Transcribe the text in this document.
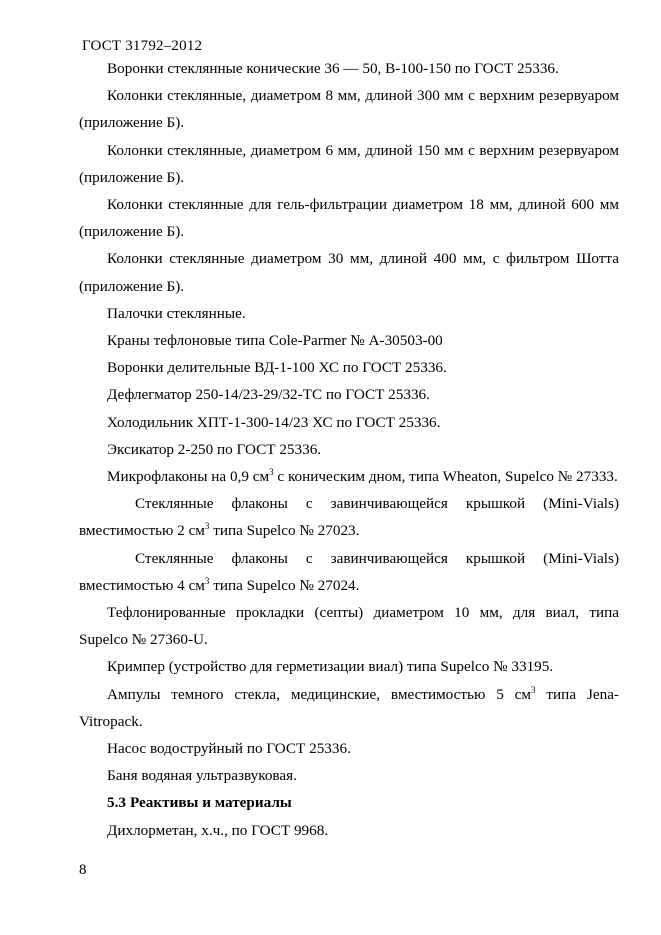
ГОСТ 31792–2012

Воронки стеклянные конические 36 — 50, В-100-150 по ГОСТ 25336.

Колонки стеклянные, диаметром 8 мм, длиной 300 мм с верхним резервуаром (приложение Б).

Колонки стеклянные, диаметром 6 мм, длиной 150 мм с верхним резервуаром (приложение Б).

Колонки стеклянные для гель-фильтрации диаметром 18 мм, длиной 600 мм (приложение Б).

Колонки стеклянные диаметром 30 мм, длиной 400 мм, с фильтром Шотта (приложение Б).

Палочки стеклянные.

Краны тефлоновые типа Cole-Parmer № А-30503-00

Воронки делительные ВД-1-100 ХС по ГОСТ 25336.

Дефлегматор 250-14/23-29/32-ТС по ГОСТ 25336.

Холодильник ХПТ-1-300-14/23 ХС по ГОСТ 25336.

Эксикатор 2-250 по ГОСТ 25336.

Микрофлаконы на 0,9 $см^3$ с коническим дном, типа Wheaton, Supelco № 27333.

Стеклянные флаконы с завинчивающейся крышкой (Mini-Vials)
вместимостью 2 $см^3$ типа Supelco № 27023.

Стеклянные флаконы с завинчивающейся крышкой (Mini-Vials)
вместимостью 4 $см^3$ типа Supelco № 27024.

Тефлонированные прокладки (септы) диаметром 10 мм, для виал, типа Supelco № 27360-U.

Кримпер (устройство для герметизации виал) типа Supelco № 33195.

Ампулы темного стекла, медицинские, вместимостью 5 $см^3$ типа Jena-Vitropack.

Насос водоструйный по ГОСТ 25336.

Баня водяная ультразвуковая.

5.3 Реактивы и материалы

Дихлорметан, х.ч., по ГОСТ 9968.

8
